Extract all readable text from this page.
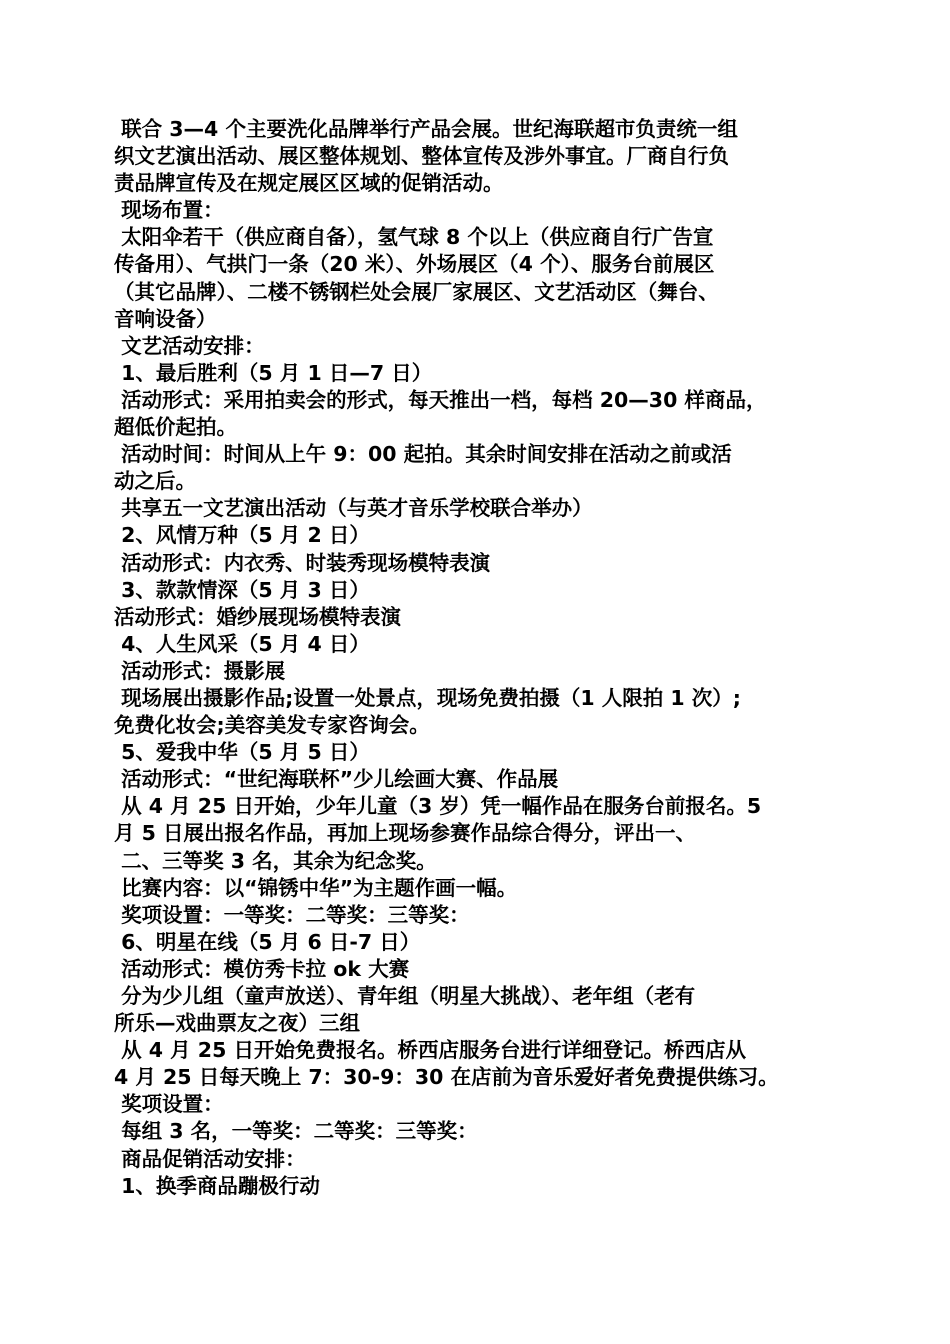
联合 3—4 个主要洗化品牌举行产品会展。世纪海联超市负责统一组
织文艺演出活动、展区整体规划、整体宣传及涉外事宜。厂商自行负
责品牌宣传及在规定展区区域的促销活动。
现场布置：
太阳伞若干（供应商自备），氢气球 8 个以上（供应商自行广告宣
传备用）、气拱门一条（20 米）、外场展区（4 个）、服务台前展区
（其它品牌）、二楼不锈钢栏处会展厂家展区、文艺活动区（舞台、
音响设备）
文艺活动安排：
1、最后胜利（5 月 1 日—7 日）
活动形式：采用拍卖会的形式，每天推出一档，每档 20—30 样商品，
超低价起拍。
活动时间：时间从上午 9：00 起拍。其余时间安排在活动之前或活
动之后。
共享五一文艺演出活动（与英才音乐学校联合举办）
2、风情万种（5 月 2 日）
活动形式：内衣秀、时装秀现场模特表演
3、款款情深（5 月 3 日）
活动形式：婚纱展现场模特表演
4、人生风采（5 月 4 日）
活动形式：摄影展
现场展出摄影作品;设置一处景点，现场免费拍摄（1 人限拍 1 次）;
免费化妆会;美容美发专家咨询会。
5、爱我中华（5 月 5 日）
活动形式：“世纪海联杯”少儿绘画大赛、作品展
从 4 月 25 日开始，少年儿童（3 岁）凭一幅作品在服务台前报名。5
月 5 日展出报名作品，再加上现场参赛作品综合得分，评出一、
二、三等奖 3 名，其余为纪念奖。
比赛内容：以“锦锈中华”为主题作画一幅。
奖项设置：一等奖：二等奖：三等奖：
6、明星在线（5 月 6 日-7 日）
活动形式：模仿秀卡拉 ok 大赛
分为少儿组（童声放送）、青年组（明星大挑战）、老年组（老有
所乐—戏曲票友之夜）三组
从 4 月 25 日开始免费报名。桥西店服务台进行详细登记。桥西店从
4 月 25 日每天晚上 7：30-9：30 在店前为音乐爱好者免费提供练习。
奖项设置：
每组 3 名，一等奖：二等奖：三等奖：
商品促销活动安排：
1、换季商品蹦极行动
